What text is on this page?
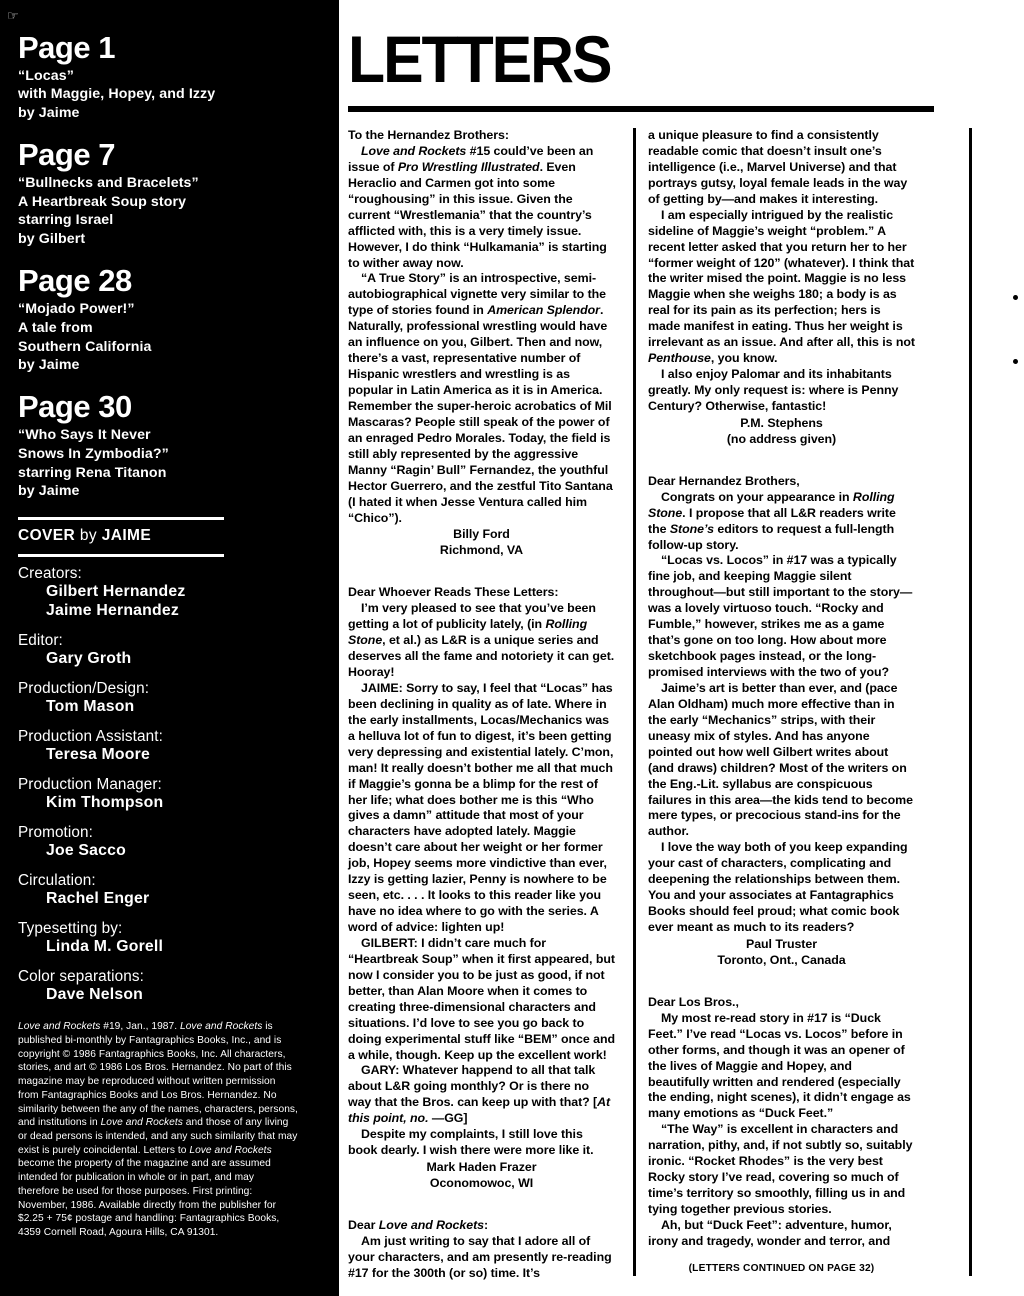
☞
Page 1
“Locas”
with Maggie, Hopey, and Izzy
by Jaime
Page 7
“Bullnecks and Bracelets”
A Heartbreak Soup story
starring Israel
by Gilbert
Page 28
“Mojado Power!”
A tale from
Southern California
by Jaime
Page 30
“Who Says It Never
Snows In Zymbodia?”
starring Rena Titanon
by Jaime
COVER by JAIME
Creators:
Gilbert Hernandez
Jaime Hernandez
Editor:
Gary Groth
Production/Design:
Tom Mason
Production Assistant:
Teresa Moore
Production Manager:
Kim Thompson
Promotion:
Joe Sacco
Circulation:
Rachel Enger
Typesetting by:
Linda M. Gorell
Color separations:
Dave Nelson
Love and Rockets #19, Jan., 1987. Love and Rockets is published bi-monthly by Fantagraphics Books, Inc., and is copyright © 1986 Fantagraphics Books, Inc. All characters, stories, and art © 1986 Los Bros. Hernandez. No part of this magazine may be reproduced without written permission from Fantagraphics Books and Los Bros. Hernandez. No similarity between the any of the names, characters, persons, and institutions in Love and Rockets and those of any living or dead persons is intended, and any such similarity that may exist is purely coincidental. Letters to Love and Rockets become the property of the magazine and are assumed intended for publication in whole or in part, and may therefore be used for those purposes. First printing: November, 1986. Available directly from the publisher for $2.25 + 75¢ postage and handling: Fantagraphics Books, 4359 Cornell Road, Agoura Hills, CA 91301.
LETTERS

To the Hernandez Brothers:

Love and Rockets #15 could’ve been an issue of Pro Wrestling Illustrated. Even Heraclio and Carmen got into some “roughousing” in this issue. Given the current “Wrestlemania” that the country’s afflicted with, this is a very timely issue. However, I do think “Hulkamania” is starting to wither away now.

“A True Story” is an introspective, semi-autobiographical vignette very similar to the type of stories found in American Splendor. Naturally, professional wrestling would have an influence on you, Gilbert. Then and now, there’s a vast, representative number of Hispanic wrestlers and wrestling is as popular in Latin America as it is in America. Remember the super-heroic acrobatics of Mil Mascaras? People still speak of the power of an enraged Pedro Morales. Today, the field is still ably represented by the aggressive Manny “Ragin’ Bull” Fernandez, the youthful Hector Guerrero, and the zestful Tito Santana (I hated it when Jesse Ventura called him “Chico”).

Billy Ford
Richmond, VA

Dear Whoever Reads These Letters:

I’m very pleased to see that you’ve been getting a lot of publicity lately, (in Rolling Stone, et al.) as L&R is a unique series and deserves all the fame and notoriety it can get. Hooray!

JAIME: Sorry to say, I feel that “Locas” has been declining in quality as of late. Where in the early installments, Locas/Mechanics was a helluva lot of fun to digest, it’s been getting very depressing and existential lately. C’mon, man! It really doesn’t bother me all that much if Maggie’s gonna be a blimp for the rest of her life; what does bother me is this “Who gives a damn” attitude that most of your characters have adopted lately. Maggie doesn’t care about her weight or her former job, Hopey seems more vindictive than ever, Izzy is getting lazier, Penny is nowhere to be seen, etc. . . . It looks to this reader like you have no idea where to go with the series. A word of advice: lighten up!

GILBERT: I didn’t care much for “Heartbreak Soup” when it first appeared, but now I consider you to be just as good, if not better, than Alan Moore when it comes to creating three-dimensional characters and situations. I’d love to see you go back to doing experimental stuff like “BEM” once and a while, though. Keep up the excellent work!

GARY: Whatever happend to all that talk about L&R going monthly? Or is there no way that the Bros. can keep up with that? [At this point, no. —GG]

Despite my complaints, I still love this book dearly. I wish there were more like it.

Mark Haden Frazer
Oconomowoc, WI

Dear Love and Rockets:

Am just writing to say that I adore all of your characters, and am presently re-reading #17 for the 300th (or so) time. It’s

a unique pleasure to find a consistently readable comic that doesn’t insult one’s intelligence (i.e., Marvel Universe) and that portrays gutsy, loyal female leads in the way of getting by—and makes it interesting.

I am especially intrigued by the realistic sideline of Maggie’s weight “problem.” A recent letter asked that you return her to her “former weight of 120” (whatever). I think that the writer mised the point. Maggie is no less Maggie when she weighs 180; a body is as real for its pain as its perfection; hers is made manifest in eating. Thus her weight is irrelevant as an issue. And after all, this is not Penthouse, you know.

I also enjoy Palomar and its inhabitants greatly. My only request is: where is Penny Century? Otherwise, fantastic!

P.M. Stephens
(no address given)

Dear Hernandez Brothers,

Congrats on your appearance in Rolling Stone. I propose that all L&R readers write the Stone’s editors to request a full-length follow-up story.

“Locas vs. Locos” in #17 was a typically fine job, and keeping Maggie silent throughout—but still important to the story—was a lovely virtuoso touch. “Rocky and Fumble,” however, strikes me as a game that’s gone on too long. How about more sketchbook pages instead, or the long-promised interviews with the two of you?

Jaime’s art is better than ever, and (pace Alan Oldham) much more effective than in the early “Mechanics” strips, with their uneasy mix of styles. And has anyone pointed out how well Gilbert writes about (and draws) children? Most of the writers on the Eng.-Lit. syllabus are conspicuous failures in this area—the kids tend to become mere types, or precocious stand-ins for the author.

I love the way both of you keep expanding your cast of characters, complicating and deepening the relationships between them. You and your associates at Fantagraphics Books should feel proud; what comic book ever meant as much to its readers?

Paul Truster
Toronto, Ont., Canada

Dear Los Bros.,

My most re-read story in #17 is “Duck Feet.” I’ve read “Locas vs. Locos” before in other forms, and though it was an opener of the lives of Maggie and Hopey, and beautifully written and rendered (especially the ending, night scenes), it didn’t engage as many emotions as “Duck Feet.”

“The Way” is excellent in characters and narration, pithy, and, if not subtly so, suitably ironic. “Rocket Rhodes” is the very best Rocky story I’ve read, covering so much of time’s territory so smoothly, filling us in and tying together previous stories.

Ah, but “Duck Feet”: adventure, humor, irony and tragedy, wonder and terror, and

(LETTERS CONTINUED ON PAGE 32)
